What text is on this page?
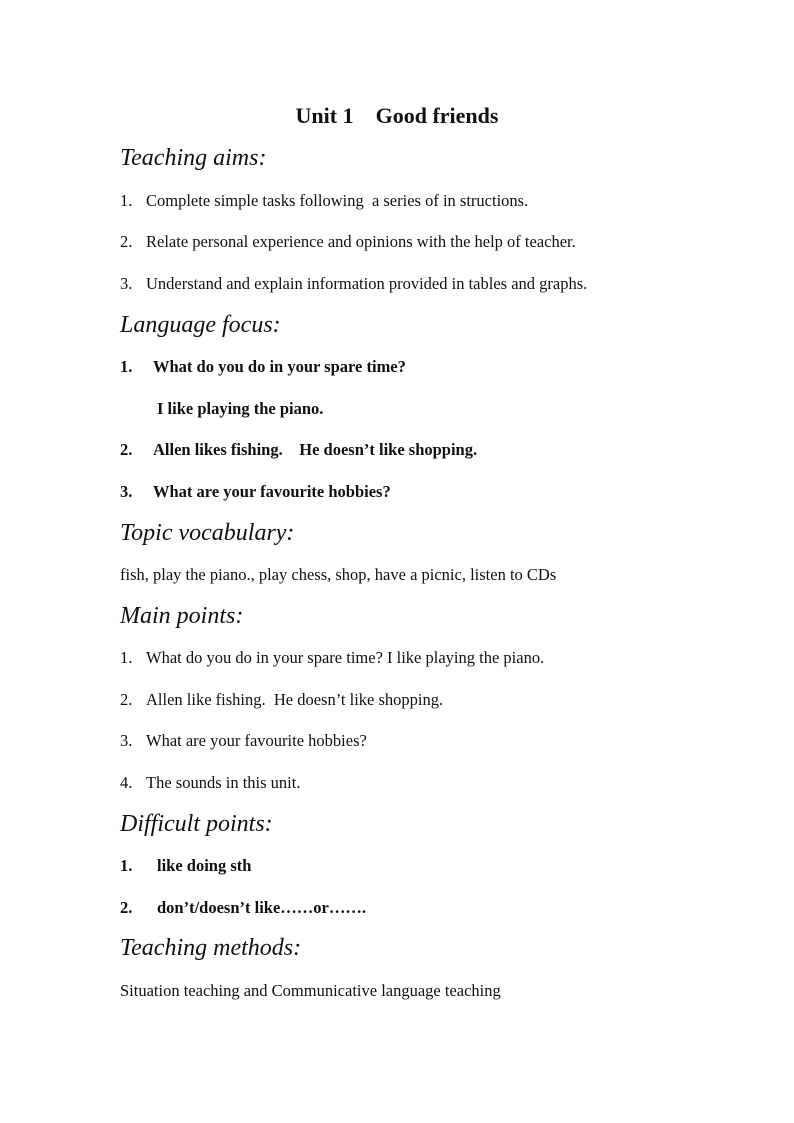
Unit 1    Good friends
Teaching aims:
1. Complete simple tasks following  a series of in structions.
2. Relate personal experience and opinions with the help of teacher.
3. Understand and explain information provided in tables and graphs.
Language focus:
1. What do you do in your spare time?
I like playing the piano.
2. Allen likes fishing.    He doesn’t like shopping.
3. What are your favourite hobbies?
Topic vocabulary:
fish, play the piano., play chess, shop, have a picnic, listen to CDs
Main points:
1. What do you do in your spare time? I like playing the piano.
2. Allen like fishing.  He doesn’t like shopping.
3. What are your favourite hobbies?
4. The sounds in this unit.
Difficult points:
1. like doing sth
2. don’t/doesn’t like……or…….
Teaching methods:
Situation teaching and Communicative language teaching
